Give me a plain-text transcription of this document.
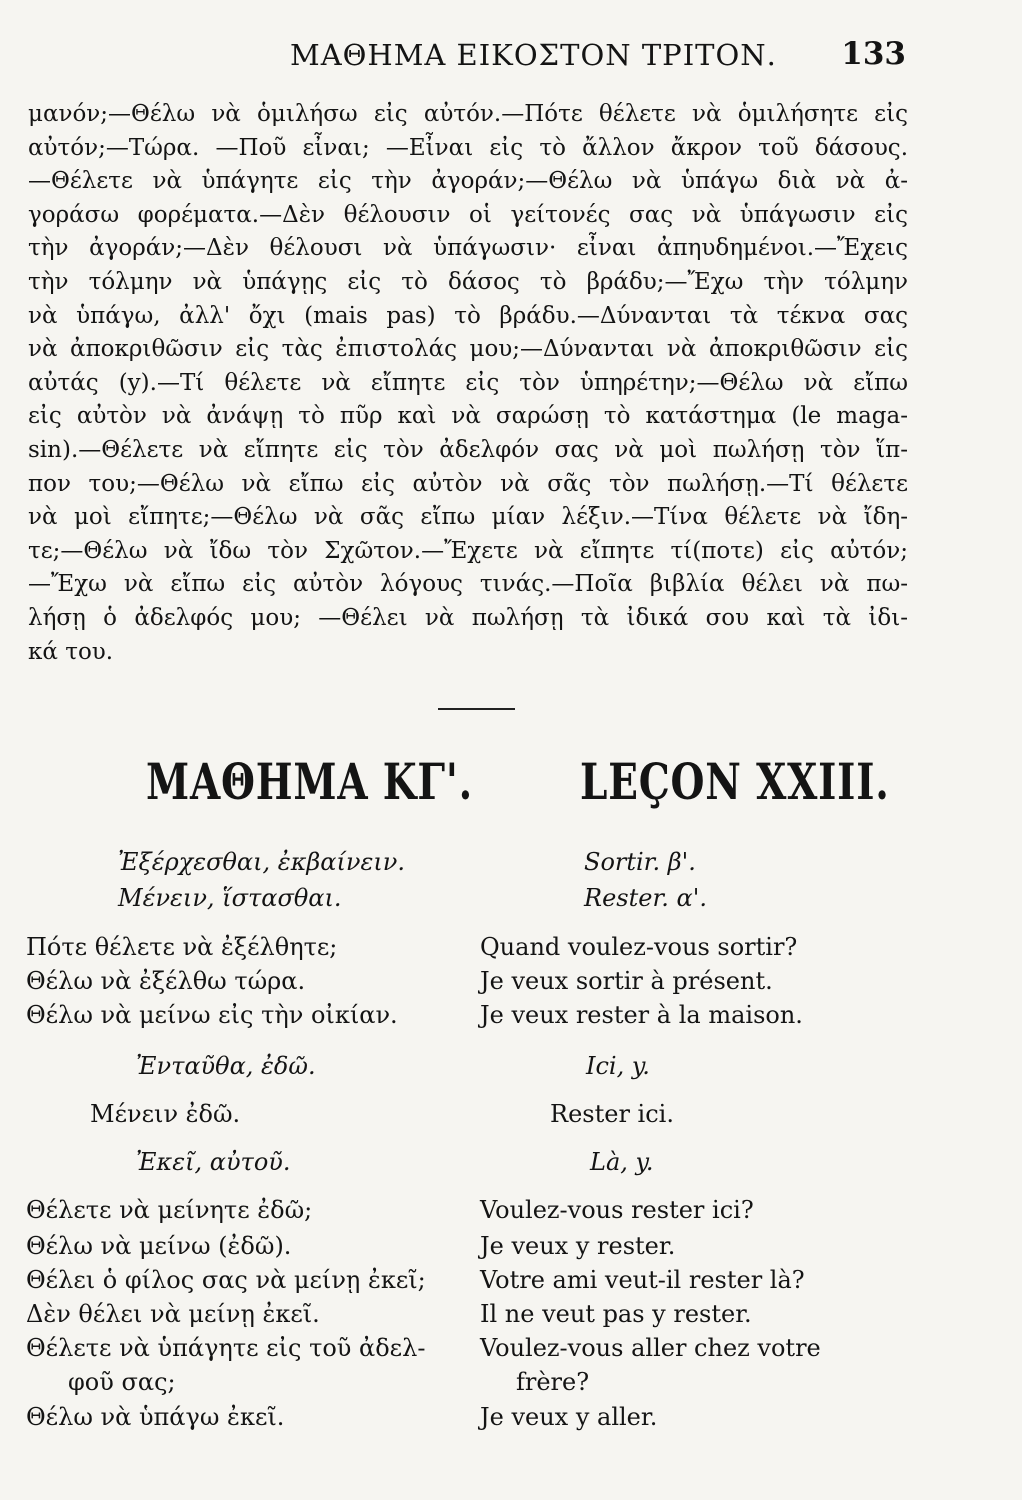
ΜΑΘΗΜΑ ΕΙΚΟΣΤΟΝ ΤΡΙΤΟΝ. 133
μανόν;—Θέλω νὰ ὁμιλήσω εἰς αὐτόν.—Πότε θέλετε νὰ ὁμιλήσητε εἰς
αὐτόν;—Τώρα. —Ποῦ εἶναι; —Εἶναι εἰς τὸ ἄλλον ἄκρον τοῦ δάσους.
—Θέλετε νὰ ὑπάγητε εἰς τὴν ἀγοράν;—Θέλω νὰ ὑπάγω διὰ νὰ ἀ-
γοράσω φορέματα.—Δὲν θέλουσιν οἱ γείτονές σας νὰ ὑπάγωσιν εἰς
τὴν ἀγοράν;—Δὲν θέλουσι νὰ ὑπάγωσιν· εἶναι ἀπηυδημένοι.—Ἔχεις
τὴν τόλμην νὰ ὑπάγῃς εἰς τὸ δάσος τὸ βράδυ;—Ἔχω τὴν τόλμην
νὰ ὑπάγω, ἀλλ' ὄχι (mais pas) τὸ βράδυ.—Δύνανται τὰ τέκνα σας
νὰ ἀποκριθῶσιν εἰς τὰς ἐπιστολάς μου;—Δύνανται νὰ ἀποκριθῶσιν εἰς
αὐτάς (y).—Τί θέλετε νὰ εἴπητε εἰς τὸν ὑπηρέτην;—Θέλω νὰ εἴπω
εἰς αὐτὸν νὰ ἀνάψῃ τὸ πῦρ καὶ νὰ σαρώσῃ τὸ κατάστημα (le maga-
sin).—Θέλετε νὰ εἴπητε εἰς τὸν ἀδελφόν σας νὰ μοὶ πωλήσῃ τὸν ἵπ-
πον του;—Θέλω νὰ εἴπω εἰς αὐτὸν νὰ σᾶς τὸν πωλήσῃ.—Τί θέλετε
νὰ μοὶ εἴπητε;—Θέλω νὰ σᾶς εἴπω μίαν λέξιν.—Τίνα θέλετε νὰ ἴδη-
τε;—Θέλω νὰ ἴδω τὸν Σχῶτον.—Ἔχετε νὰ εἴπητε τί(ποτε) εἰς αὐτόν;
—Ἔχω νὰ εἴπω εἰς αὐτὸν λόγους τινάς.—Ποῖα βιβλία θέλει νὰ πω-
λήσῃ ὁ ἀδελφός μου; —Θέλει νὰ πωλήσῃ τὰ ἰδικά σου καὶ τὰ ἰδι-
κά του.
ΜΑΘΗΜΑ ΚΓ'. LEÇON XXIII.
Ἐξέρχεσθαι, ἐκβαίνειν.	Sortir. β'.
Μένειν, ἵστασθαι.	Rester. α'.
Πότε θέλετε νὰ ἐξέλθητε;	Quand voulez-vous sortir?
Θέλω νὰ ἐξέλθω τώρα.	Je veux sortir à présent.
Θέλω νὰ μείνω εἰς τὴν οἰκίαν.	Je veux rester à la maison.
Ἐνταῦθα, ἐδῶ.	Ici, y.
Μένειν ἐδῶ.	Rester ici.
Ἐκεῖ, αὐτοῦ.	Là, y.
Θέλετε νὰ μείνητε ἐδῶ;	Voulez-vous rester ici?
Θέλω νὰ μείνω (ἐδῶ).	Je veux y rester.
Θέλει ὁ φίλος σας νὰ μείνῃ ἐκεῖ; Votre ami veut-il rester là?
Δὲν θέλει νὰ μείνῃ ἐκεῖ.	Il ne veut pas y rester.
Θέλετε νὰ ὑπάγητε εἰς τοῦ ἀδελ- Voulez-vous aller chez votre
φοῦ σας;	frère?
Θέλω νὰ ὑπάγω ἐκεῖ.	Je veux y aller.
